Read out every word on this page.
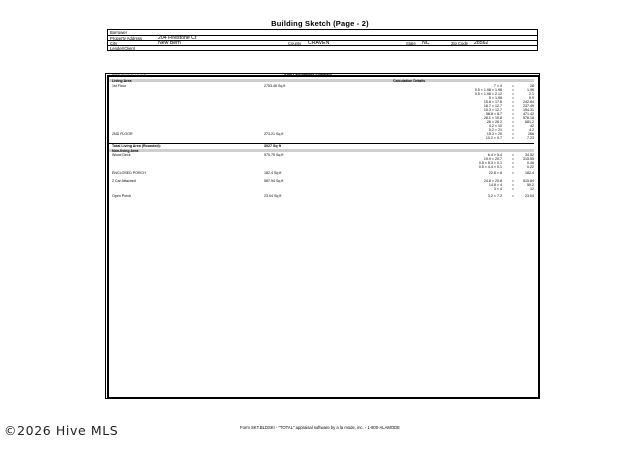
Building Sketch (Page - 2)
Borrower
Property Address	204 Firestone Ct
City	New Bern	County CRAVEN	State NC	Zip Code 28562
Lender/Client
TOTAL Sketch by a la mode	Area Calculations Summary
Living Area	Calculation Details
1st Floor	2753.46 Sq ft	7 × 4	=	28
0.5 × 1.98 × 1.98	=	1.96
0.5 × 1.98 × 2.12	=	2.1
5 × 1.98	=	9.9
15.8 × 17.6	=	242.84
18.7 × 12.7	=	237.49
15.3 × 12.7	=	194.31
58.8 × 8.7	=	471.42
28.1 × 19.8	=	576.18
26 × 26.2	=	681.2
4.2 × 10	=	42
0.2 × 21	=	4.2
2ND FLOOR	273.21 Sq ft	15.3 × 20	=	266
10.2 × 0.7	=	7.23
Total Living Area (Rounded):	3027 Sq ft
Non-living Area
Wood Deck	570.75 Sq ft	6.4 × 5.4	=	34.52
19.9 × 20.7	=	315.55
0.5 × 8.3 × 0.1	=	0.46
0.5 × 4.4 × 0.1	=	0.22
ENCLOSED PORCH	182.4 Sq ft	22.8 × 8	=	182.4
2 Car Attached	587.94 Sq ft	24.8 × 20.8	=	515.84
14.8 × 4	=	59.2
3 × 4	=	12
Open Porch	23.04 Sq ft	3.2 × 7.2	=	23.04
©2026 Hive MLS	Form SKT.BLDSKI - "TOTAL" appraisal software by a la mode, inc. - 1-800-ALAMODE
